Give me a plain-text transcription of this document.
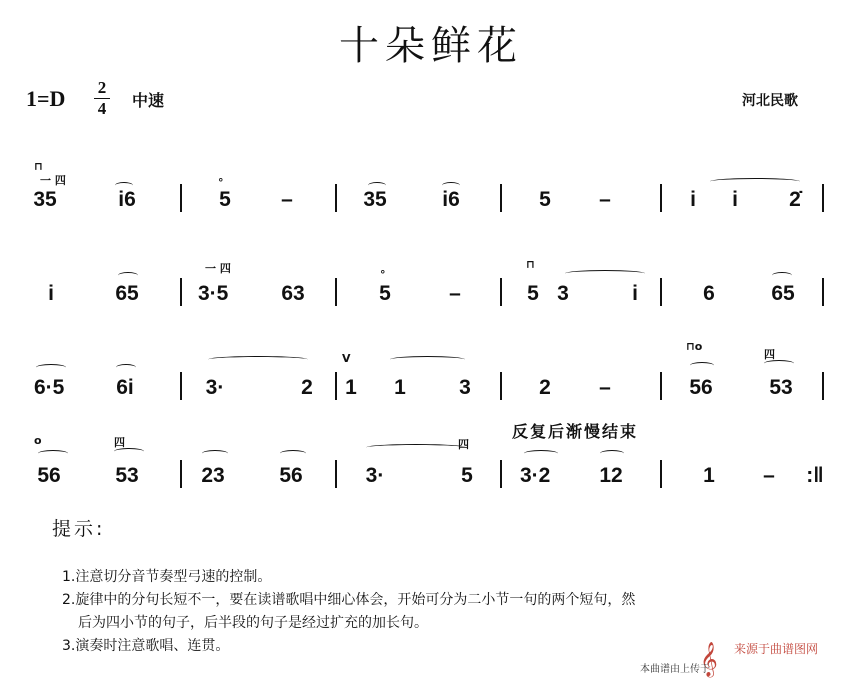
十朵鲜花
1=D	2
4	中速	河北民歌
⊓
一 四
35	i6
°
5	–	35	i6	5	–	i	i	2̇
i	65
一 四
3·5	63
°
5	–
⊓
5 3	i	6	65
6·5 6i	3·	2
V
1	1	3	2	–
⊓o
56
四
53
反复后渐慢结束
o
56
四
53	23	56	3·
四
5	3·2 12	1	–	:‖
提示:

1.注意切分音节奏型弓速的控制。

2.旋律中的分句长短不一，要在读谱歌唱中细心体会，开始可分为二小节一句的两个短句，然

后为四小节的句子，后半段的句子是经过扩充的加长句。

3.演奏时注意歌唱、连贯。	𝄞	来源于曲谱图网
本曲谱由上传于
